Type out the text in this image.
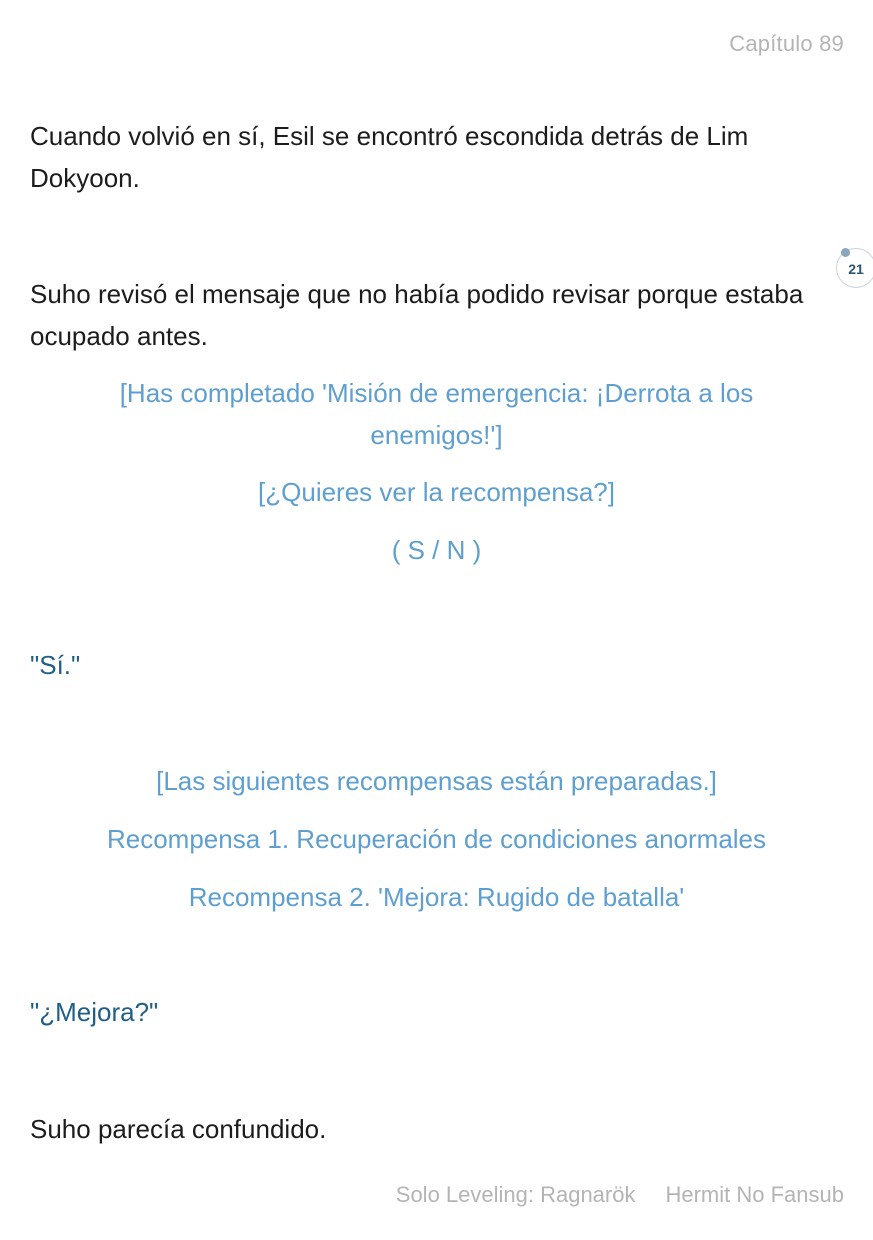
Capítulo 89
Cuando volvió en sí, Esil se encontró escondida detrás de Lim Dokyoon.
21
Suho revisó el mensaje que no había podido revisar porque estaba ocupado antes.
[Has completado 'Misión de emergencia: ¡Derrota a los
enemigos!']
[¿Quieres ver la recompensa?]
( S / N )
"Sí."
[Las siguientes recompensas están preparadas.]
Recompensa 1. Recuperación de condiciones anormales
Recompensa 2. 'Mejora: Rugido de batalla'
"¿Mejora?"
Suho parecía confundido.
Solo Leveling: Ragnarök Hermit No Fansub
